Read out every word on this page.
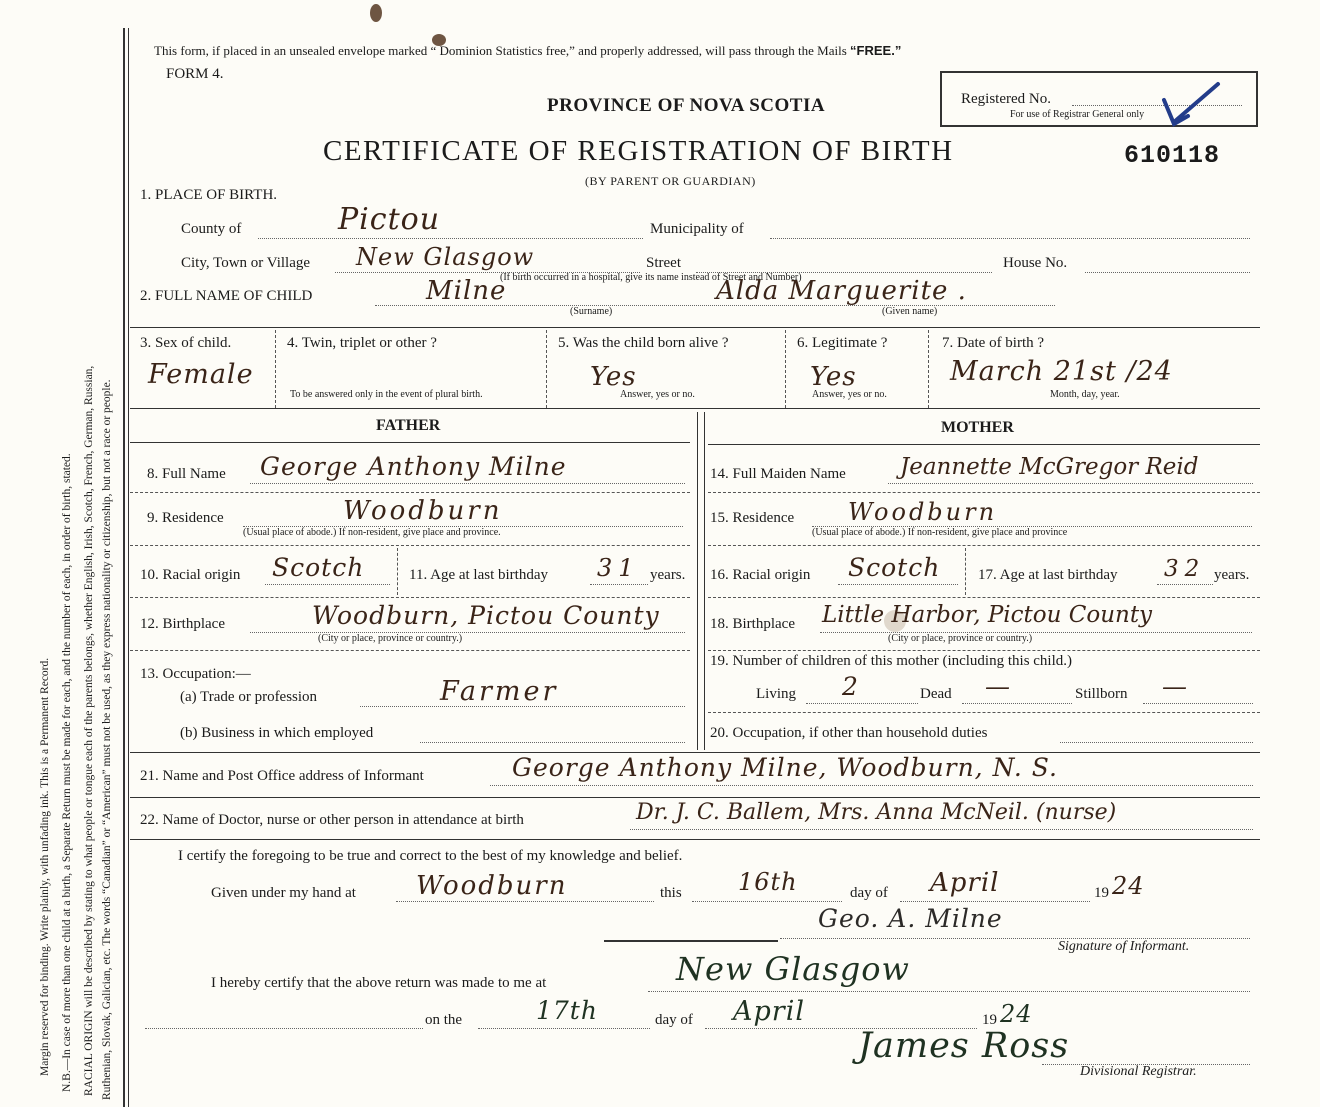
Margin reserved for binding. Write plainly, with unfading ink. This is a Permanent Record. N.B.—In case of more than one child at a birth, a Separate Return must be made for each, and the number of each, in order of birth, stated. RACIAL ORIGIN will be described by stating to what people or tongue each of the parents belongs, whether English, Irish, Scotch, French, German, Russian, Ruthenian, Slovak, Galician, etc. The words “Canadian” or “American” must not be used, as they express nationality or citizenship, but not a race or people.
This form, if placed in an unsealed envelope marked “ Dominion Statistics free,” and properly addressed, will pass through the Mails “FREE.”
FORM 4.
PROVINCE OF NOVA SCOTIA
CERTIFICATE OF REGISTRATION OF BIRTH
(BY PARENT OR GUARDIAN)
Registered No.
For use of Registrar General only
610118
1. PLACE OF BIRTH.
County of	Pictou	Municipality of
City, Town or Village New Glasgow	Street	House No.
(If birth occurred in a hospital, give its name instead of Street and Number)
2. FULL NAME OF CHILD	Milne	Alda Marguerite .
(Surname)	(Given name)
3. Sex of child.
Female
4. Twin, triplet or other ?
To be answered only in the event of plural birth.
5. Was the child born alive ?
Yes
Answer, yes or no.
6. Legitimate ?
Yes
Answer, yes or no.
7. Date of birth ?
March 21st /24
Month, day, year.
FATHER	MOTHER
8. Full Name George Anthony Milne
9. Residence	Woodburn
(Usual place of abode.) If non-resident, give place and province.
10. Racial origin Scotch	11. Age at last birthday 31 years.
12. Birthplace	Woodburn, Pictou County
(City or place, province or country.)
13. Occupation:—
(a) Trade or profession	Farmer
(b) Business in which employed
14. Full Maiden Name Jeannette McGregor Reid
15. Residence Woodburn
(Usual place of abode.) If non-resident, give place and province
16. Racial origin Scotch	17. Age at last birthday 32 years.
18. Birthplace Little Harbor, Pictou County
(City or place, province or country.)
19. Number of children of this mother (including this child.)
Living 2	Dead —	Stillborn —
20. Occupation, if other than household duties
21. Name and Post Office address of Informant	George Anthony Milne, Woodburn, N. S.
22. Name of Doctor, nurse or other person in attendance at birth	Dr. J. C. Ballem, Mrs. Anna McNeil. (nurse)
I certify the foregoing to be true and correct to the best of my knowledge and belief.
Given under my hand at Woodburn	this 16th	day of April	19 24
Geo. A. Milne
Signature of Informant.
I hereby certify that the above return was made to me at	New Glasgow
on the	17th	day of April	19 24
James Ross
Divisional Registrar.
